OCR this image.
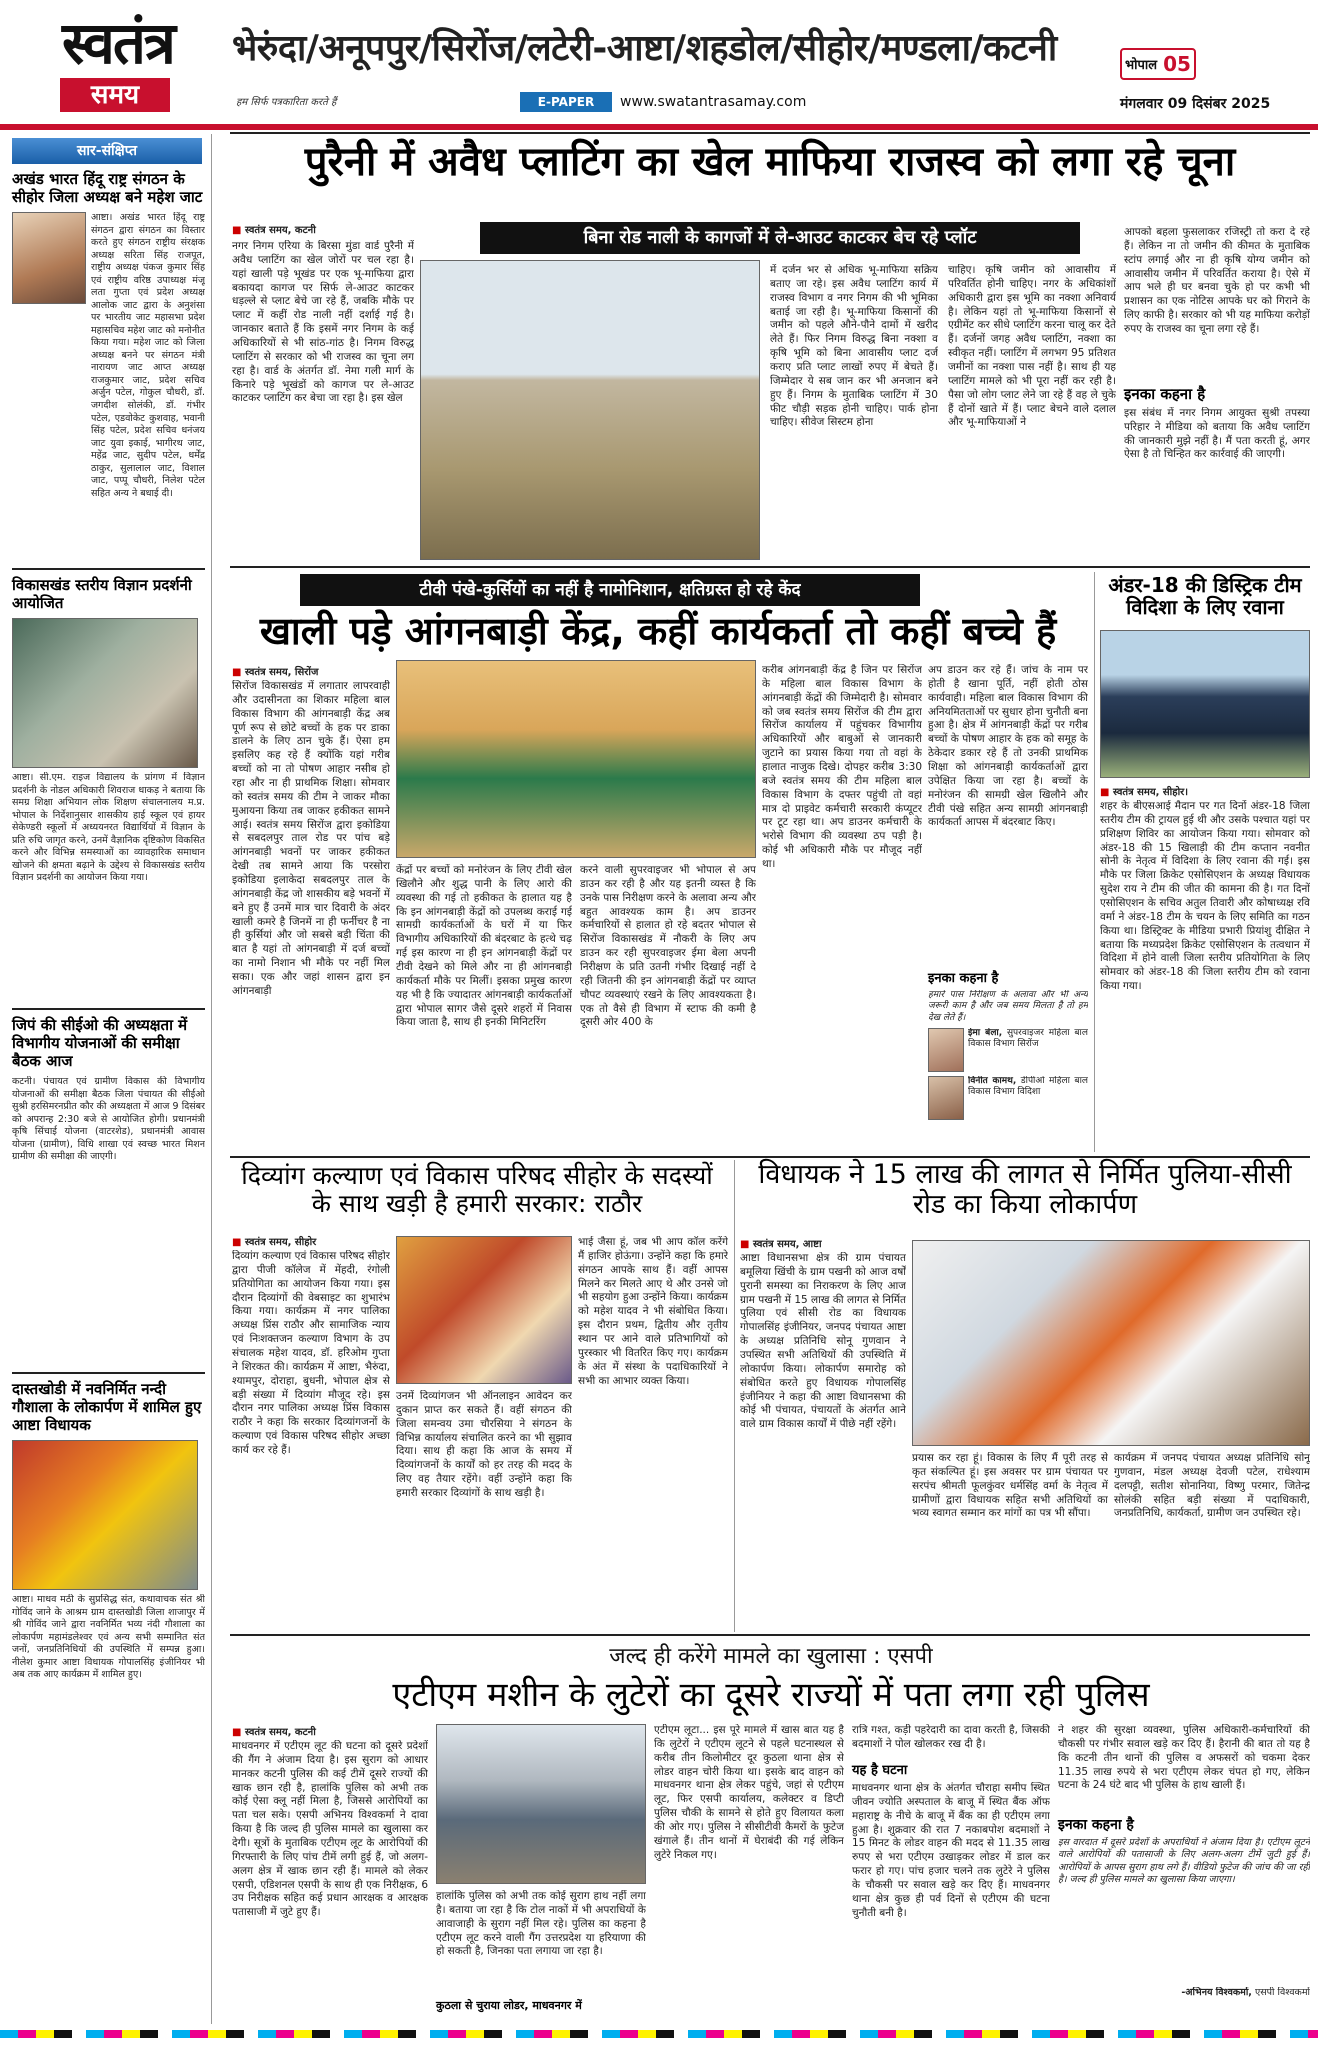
स्वतंत्र
समय	हम सिर्फ पत्रकारिता करते हैं
भेरुंदा/अनूपपुर/सिरोंज/लटेरी-आष्टा/शहडोल/सीहोर/मण्डला/कटनी	भोपाल 05
E-PAPER	www.swatantrasamay.com	मंगलवार 09 दिसंबर 2025
सार-संक्षिप्त
अखंड भारत हिंदू राष्ट्र संगठन के सीहोर जिला अध्यक्ष बने महेश जाट
आष्टा। अखंड भारत हिंदू राष्ट्र संगठन द्वारा संगठन का विस्तार करते हुए संगठन राष्ट्रीय संरक्षक अध्यक्ष सरिता सिंह राजपूत, राष्ट्रीय अध्यक्ष पंकज कुमार सिंह एवं राष्ट्रीय वरिष्ठ उपाध्यक्ष मंजू लता गुप्ता एवं प्रदेश अध्यक्ष आलोक जाट द्वारा के अनुशंसा पर भारतीय जाट महासभा प्रदेश महासचिव महेश जाट को मनोनीत किया गया। महेश जाट को जिला अध्यक्ष बनने पर संगठन मंत्री नारायण जाट आप्त अध्यक्ष राजकुमार जाट, प्रदेश सचिव अर्जुन पटेल, गोकुल चौधरी, डॉ. जगदीश सोलंकी, डॉ. गंभीर पटेल, एडवोकेट कुशवाह, भवानी सिंह पटेल, प्रदेश सचिव धनंजय जाट युवा इकाई, भागीरथ जाट, महेंद्र जाट, सुदीप पटेल, धर्मेंद्र ठाकुर, सुलालाल जाट, विशाल जाट, पप्पू चौधरी, निलेश पटेल सहित अन्य ने बधाई दी।
विकासखंड स्तरीय विज्ञान प्रदर्शनी आयोजित
आष्टा। सी.एम. राइज विद्यालय के प्रांगण में विज्ञान प्रदर्शनी के नोडल अधिकारी शिवराज धाकड़ ने बताया कि समग्र शिक्षा अभियान लोक शिक्षण संचालनालय म.प्र. भोपाल के निर्देशानुसार शासकीय हाई स्कूल एवं हायर सेकेण्डरी स्कूलों में अध्ययनरत विद्यार्थियों में विज्ञान के प्रति रुचि जागृत करने, उनमें वैज्ञानिक दृष्टिकोण विकसित करने और विभिन्न समस्याओं का व्यावहारिक समाधान खोजने की क्षमता बढ़ाने के उद्देश्य से विकासखंड स्तरीय विज्ञान प्रदर्शनी का आयोजन किया गया।
जिपं की सीईओ की अध्यक्षता में विभागीय योजनाओं की समीक्षा बैठक आज
कटनी। पंचायत एवं ग्रामीण विकास की विभागीय योजनाओं की समीक्षा बैठक जिला पंचायत की सीईओ सुश्री हरसिमरनप्रीत कौर की अध्यक्षता में आज 9 दिसंबर को अपरान्ह 2:30 बजे से आयोजित होगी। प्रधानमंत्री कृषि सिंचाई योजना (वाटरशेड), प्रधानमंत्री आवास योजना (ग्रामीण), विधि शाखा एवं स्वच्छ भारत मिशन ग्रामीण की समीक्षा की जाएगी।
दास्तखोडी में नवनिर्मित नन्दी गौशाला के लोकार्पण में शामिल हुए आष्टा विधायक
आष्टा। माधव मठी के सुप्रसिद्ध संत, कथावाचक संत श्री गोविंद जाने के आश्रम ग्राम दास्तखोडी जिला शाजापुर में श्री गोविंद जाने द्वारा नवनिर्मित भव्य नंदी गौशाला का लोकार्पण महामंडलेश्वर एवं अन्य सभी सम्मानित संत जनों, जनप्रतिनिधियों की उपस्थिति में सम्पन्न हुआ। नीलेश कुमार आष्टा विधायक गोपालसिंह इंजीनियर भी अब तक आए कार्यक्रम में शामिल हुए।
पुरैनी में अवैध प्लाटिंग का खेल माफिया राजस्व को लगा रहे चूना
■ स्वतंत्र समय, कटनी	बिना रोड नाली के कागजों में ले-आउट काटकर बेच रहे प्लॉट
नगर निगम एरिया के बिरसा मुंडा वार्ड पुरैनी में अवैध प्लाटिंग का खेल जोरों पर चल रहा है। यहां खाली पड़े भूखंड पर एक भू-माफिया द्वारा बकायदा कागज पर सिर्फ ले-आउट काटकर धड़ल्ले से प्लाट बेचे जा रहे हैं, जबकि मौके पर प्लाट में कहीं रोड नाली नहीं दर्शाई गई है। जानकार बताते हैं कि इसमें नगर निगम के कई अधिकारियों से भी सांठ-गांठ है। निगम विरुद्ध प्लाटिंग से सरकार को भी राजस्व का चूना लग रहा है। वार्ड के अंतर्गत डॉ. नेमा गली मार्ग के किनारे पड़े भूखंडों को कागज पर ले-आउट काटकर प्लाटिंग कर बेचा जा रहा है। इस खेल
में दर्जन भर से अधिक भू-माफिया सक्रिय बताए जा रहे। इस अवैध प्लाटिंग कार्य में राजस्व विभाग व नगर निगम की भी भूमिका बताई जा रही है। भू-माफिया किसानों की जमीन को पहले औने-पौने दामों में खरीद लेते हैं। फिर निगम विरुद्ध बिना नक्शा व कृषि भूमि को बिना आवासीय प्लाट दर्ज कराए प्रति प्लाट लाखों रुपए में बेचते हैं। जिम्मेदार ये सब जान कर भी अनजान बने हुए हैं। निगम के मुताबिक प्लाटिंग में 30 फीट चौड़ी सड़क होनी चाहिए। पार्क होना चाहिए। सीवेज सिस्टम होना
चाहिए। कृषि जमीन को आवासीय में परिवर्तित होनी चाहिए। नगर के अधिकांशों अधिकारी द्वारा इस भूमि का नक्शा अनिवार्य है। लेकिन यहां तो भू-माफिया किसानों से एग्रीमेंट कर सीधे प्लाटिंग करना चालू कर देते हैं। दर्जनों जगह अवैध प्लाटिंग, नक्शा का स्वीकृत नहीं। प्लाटिंग में लगभग 95 प्रतिशत जमीनों का नक्शा पास नहीं है। साथ ही यह प्लाटिंग मामले को भी पूरा नहीं कर रही है। पैसा जो लोग प्लाट लेने जा रहे हैं वह ले चुके हैं दोनों खाते में हैं। प्लाट बेचने वाले दलाल और भू-माफियाओं ने
आपको बहला फुसलाकर रजिस्ट्री तो करा दे रहे हैं। लेकिन ना तो जमीन की कीमत के मुताबिक स्टांप लगाई और ना ही कृषि योग्य जमीन को आवासीय जमीन में परिवर्तित कराया है। ऐसे में आप भले ही घर बनवा चुके हो पर कभी भी प्रशासन का एक नोटिस आपके घर को गिराने के लिए काफी है। सरकार को भी यह माफिया करोड़ों रुपए के राजस्व का चूना लगा रहे हैं।
इनका कहना है
इस संबंध में नगर निगम आयुक्त सुश्री तपस्या परिहार ने मीडिया को बताया कि अवैध प्लाटिंग की जानकारी मुझे नहीं है। मैं पता करती हूं, अगर ऐसा है तो चिन्हित कर कार्रवाई की जाएगी।
टीवी पंखे-कुर्सियों का नहीं है नामोनिशान, क्षतिग्रस्त हो रहे केंद
खाली पड़े आंगनबाड़ी केंद्र, कहीं कार्यकर्ता तो कहीं बच्चे हैं
■ स्वतंत्र समय, सिरोंज
सिरोंज विकासखंड में लगातार लापरवाही और उदासीनता का शिकार महिला बाल विकास विभाग की आंगनबाड़ी केंद्र अब पूर्ण रूप से छोटे बच्चों के हक पर डाका डालने के लिए ठान चुके हैं। ऐसा हम इसलिए कह रहे हैं क्योंकि यहां गरीब बच्चों को ना तो पोषण आहार नसीब हो रहा और ना ही प्राथमिक शिक्षा। सोमवार को स्वतंत्र समय की टीम ने जाकर मौका मुआयना किया तब जाकर हकीकत सामने आई। स्वतंत्र समय सिरोंज द्वारा इकोडिया से सबदलपुर ताल रोड पर पांच बड़े आंगनबाड़ी भवनों पर जाकर हकीकत देखी तब सामने आया कि परसोरा इकोडिया इलाकेदा सबदलपुर ताल के आंगनबाड़ी केंद्र जो शासकीय बड़े भवनों में बने हुए हैं उनमें मात्र चार दिवारी के अंदर खाली कमरे है जिनमें ना ही फर्नीचर है ना ही कुर्सियां और जो सबसे बड़ी चिंता की बात है यहां तो आंगनबाड़ी में दर्ज बच्चों का नामो निशान भी मौके पर नहीं मिल सका। एक और जहां शासन द्वारा इन आंगनबाड़ी
केंद्रों पर बच्चों को मनोरंजन के लिए टीवी खेल खिलौने और शुद्ध पानी के लिए आरो की व्यवस्था की गई तो हकीकत के हालात यह है कि इन आंगनबाड़ी केंद्रों को उपलब्ध कराई गई सामग्री कार्यकर्ताओं के घरों में या फिर विभागीय अधिकारियों की बंदरबाट के हत्थे चढ़ गई इस कारण ना ही इन आंगनबाड़ी केंद्रों पर टीवी देखने को मिले और ना ही आंगनबाड़ी कार्यकर्ता मौके पर मिलीं। इसका प्रमुख कारण यह भी है कि ज्यादातर आंगनबाड़ी कार्यकर्ताओं द्वारा भोपाल सागर जैसे दूसरे शहरों में निवास किया जाता है, साथ ही इनकी मिनिटरिंग
करने वाली सुपरवाइजर भी भोपाल से अप डाउन कर रही है और यह इतनी व्यस्त है कि उनके पास निरीक्षण करने के अलावा अन्य और बहुत आवश्यक काम है। अप डाउनर कर्मचारियों से हालात हो रहे बदतर भोपाल से सिरोंज विकासखंड में नौकरी के लिए अप डाउन कर रही सुपरवाइजर ईमा बेला अपनी निरीक्षण के प्रति उतनी गंभीर दिखाई नहीं दे रही जितनी की इन आंगनबाड़ी केंद्रों पर व्याप्त चौपट व्यवस्थाएं रखने के लिए आवश्यकता है। एक तो वैसे ही विभाग में स्टाफ की कमी है दूसरी ओर 400 के
करीब आंगनबाड़ी केंद्र है जिन पर सिरोंज के महिला बाल विकास विभाग के आंगनबाड़ी केंद्रों की जिम्मेदारी है। सोमवार को जब स्वतंत्र समय सिरोंज की टीम द्वारा सिरोंज कार्यालय में पहुंचकर विभागीय अधिकारियों और बाबुओं से जानकारी जुटाने का प्रयास किया गया तो वहां के हालात नाजुक दिखे। दोपहर करीब 3:30 बजे स्वतंत्र समय की टीम महिला बाल विकास विभाग के दफ्तर पहुंची तो वहां मात्र दो प्राइवेट कर्मचारी सरकारी कंप्यूटर पर टूट रहा था। अप डाउनर कर्मचारी के भरोसे विभाग की व्यवस्था ठप पड़ी है। कोई भी अधिकारी मौके पर मौजूद नहीं था।
अप डाउन कर रहे हैं। जांच के नाम पर होती है खाना पूर्ति, नहीं होती ठोस कार्यवाही। महिला बाल विकास विभाग की अनियमितताओं पर सुधार होना चुनौती बना हुआ है। क्षेत्र में आंगनबाड़ी केंद्रों पर गरीब बच्चों के पोषण आहार के हक को समूह के ठेकेदार डकार रहे हैं तो उनकी प्राथमिक शिक्षा को आंगनबाड़ी कार्यकर्ताओं द्वारा उपेक्षित किया जा रहा है। बच्चों के मनोरंजन की सामग्री खेल खिलौने और टीवी पंखे सहित अन्य सामग्री आंगनबाड़ी कार्यकर्ता आपस में बंदरबाट कि‍ए।
इनका कहना है
हमारे पास निरीक्षण के अलावा और भी अन्य जरूरी काम है और जब समय मिलता है तो हम देख लेते हैं।
ईमा बेला, सुपरवाइजर महिला बाल विकास विभाग सिरोंज
विनीत कामथ, डीपीओ महिला बाल विकास विभाग विदिशा
अंडर-18 की डिस्ट्रिक टीम विदिशा के लिए रवाना
■ स्वतंत्र समय, सीहोर।
शहर के बीएसआई मैदान पर गत दिनों अंडर-18 जिला स्तरीय टीम की ट्रायल हुई थी और उसके पश्चात यहां पर प्रशिक्षण शिविर का आयोजन किया गया। सोमवार को अंडर-18 की 15 खिलाड़ी की टीम कप्तान नवनीत सोनी के नेतृत्व में विदिशा के लिए रवाना की गई। इस मौके पर जिला क्रिकेट एसोसिएशन के अध्यक्ष विधायक सुदेश राय ने टीम की जीत की कामना की है। गत दिनों एसोसिएशन के सचिव अतुल तिवारी और कोषाध्यक्ष रवि वर्मा ने अंडर-18 टीम के चयन के लिए समिति का गठन किया था। डिस्ट्रिक्ट के मीडिया प्रभारी प्रियांशु दीक्षित ने बताया कि मध्यप्रदेश क्रिकेट एसोसिएशन के तत्वधान में विदिशा में होने वाली जिला स्तरीय प्रतियोगिता के लिए सोमवार को अंडर-18 की जिला स्तरीय टीम को रवाना किया गया।
दिव्यांग कल्याण एवं विकास परिषद सीहोर के सदस्यों के साथ खड़ी है हमारी सरकार: राठौर
■ स्वतंत्र समय, सीहोर
दिव्यांग कल्याण एवं विकास परिषद सीहोर द्वारा पीजी कॉलेज में मेंहदी, रंगोली प्रतियोगिता का आयोजन किया गया। इस दौरान दिव्यांगों की वेबसाइट का शुभारंभ किया गया। कार्यक्रम में नगर पालिका अध्यक्ष प्रिंस राठौर और सामाजिक न्याय एवं निःशक्तजन कल्याण विभाग के उप संचालक महेश यादव, डॉ. हरिओम गुप्ता ने शिरकत की। कार्यक्रम में आष्टा, भैरुंदा, श्यामपुर, दोराहा, बुधनी, भोपाल क्षेत्र से बड़ी संख्या में दिव्यांग मौजूद रहे। इस दौरान नगर पालिका अध्यक्ष प्रिंस विकास राठौर ने कहा कि सरकार दिव्यांगजनों के कल्याण एवं विकास परिषद सीहोर अच्छा कार्य कर रहे हैं।
उनमें दिव्यांगजन भी ऑनलाइन आवेदन कर दुकान प्राप्त कर सकते हैं। वहीं संगठन की जिला समन्वय उमा चौरसिया ने संगठन के विभिन्न कार्यालय संचालित करने का भी सुझाव दिया। साथ ही कहा कि आज के समय में दिव्यांगजनों के कार्यों को हर तरह की मदद के लिए वह तैयार रहेंगे। वहीं उन्होंने कहा कि हमारी सरकार दिव्यांगों के साथ खड़ी है।
भाई जैसा हूं, जब भी आप कॉल करेंगे मैं हाजिर होऊंगा। उन्होंने कहा कि हमारे संगठन आपके साथ हैं। वहीं आपस मिलने कर मिलते आए थे और उनसे जो भी सहयोग हुआ उन्होंने किया। कार्यक्रम को महेश यादव ने भी संबोधित किया। इस दौरान प्रथम, द्वितीय और तृतीय स्थान पर आने वाले प्रतिभागियों को पुरस्कार भी वितरित किए गए। कार्यक्रम के अंत में संस्था के पदाधिकारियों ने सभी का आभार व्यक्त किया।
विधायक ने 15 लाख की लागत से निर्मित पुलिया-सीसी रोड का किया लोकार्पण
■ स्वतंत्र समय, आष्टा
आष्टा विधानसभा क्षेत्र की ग्राम पंचायत बमूलिया खिंची के ग्राम पखनी को आज वर्षों पुरानी समस्या का निराकरण के लिए आज ग्राम पखनी में 15 लाख की लागत से निर्मित पुलिया एवं सीसी रोड का विधायक गोपालसिंह इंजीनियर, जनपद पंचायत आष्टा के अध्यक्ष प्रतिनिधि सोनू गुणवान ने उपस्थित सभी अतिथियों की उपस्थिति में लोकार्पण किया। लोकार्पण समारोह को संबोधित करते हुए विधायक गोपालसिंह इंजीनियर ने कहा की आष्टा विधानसभा की कोई भी पंचायत, पंचायतों के अंतर्गत आने वाले ग्राम विकास कार्यों में पीछे नहीं रहेंगे।
प्रयास कर रहा हूं। विकास के लिए मैं पूरी तरह से कृत संकल्पित हूं। इस अवसर पर ग्राम पंचायत पर सरपंच श्रीमती फूलकुंवर धर्मसिंह वर्मा के नेतृत्व में ग्रामीणों द्वारा विधायक सहित सभी अतिथियों का भव्य स्वागत सम्मान कर मांगों का पत्र भी सौंपा।
कार्यक्रम में जनपद पंचायत अध्यक्ष प्रतिनिधि सोनू गुणवान, मंडल अध्यक्ष देवजी पटेल, राधेश्याम दलपट्टी, सतीश सोनानिया, विष्णु परमार, जितेन्द्र सोलंकी सहित बड़ी संख्या में पदाधिकारी, जनप्रतिनिधि, कार्यकर्ता, ग्रामीण जन उपस्थित रहे।
जल्द ही करेंगे मामले का खुलासा : एसपी
एटीएम मशीन के लुटेरों का दूसरे राज्यों में पता लगा रही पुलिस
■ स्वतंत्र समय, कटनी
माधवनगर में एटीएम लूट की घटना को दूसरे प्रदेशों की गैंग ने अंजाम दिया है। इस सुराग को आधार मानकर कटनी पुलिस की कई टीमें दूसरे राज्यों की खाक छान रही है, हालांकि पुलिस को अभी तक कोई ऐसा क्लू नहीं मिला है, जिससे आरोपियों का पता चल सके। एसपी अभिनय विश्वकर्मा ने दावा किया है कि जल्द ही पुलिस मामले का खुलासा कर देगी। सूत्रों के मुताबिक एटीएम लूट के आरोपियों की गिरफ्तारी के लिए पांच टीमें लगी हुई हैं, जो अलग-अलग क्षेत्र में खाक छान रही हैं। मामले को लेकर एसपी, एडिशनल एसपी के साथ ही एक निरीक्षक, 6 उप निरीक्षक सहित कई प्रधान आरक्षक व आरक्षक पतासाजी में जुटे हुए हैं।
हालांकि पुलिस को अभी तक कोई सुराग हाथ नहीं लगा है। बताया जा रहा है कि टोल नाकों में भी अपराधियों के आवाजाही के सुराग नहीं मिल रहे। पुलिस का कहना है एटीएम लूट करने वाली गैंग उत्तरप्रदेश या हरियाणा की हो सकती है, जिनका पता लगाया जा रहा है।
कुठला से चुराया लोडर, माधवनगर में
एटीएम लूटा... इस पूरे मामले में खास बात यह है कि लुटेरों ने एटीएम लूटने से पहले घटनास्थल से करीब तीन किलोमीटर दूर कुठला थाना क्षेत्र से लोडर वाहन चोरी किया था। इसके बाद वाहन को माधवनगर थाना क्षेत्र लेकर पहुंचे, जहां से एटीएम लूट, फिर एसपी कार्यालय, कलेक्टर व डिप्टी पुलिस चौकी के सामने से होते हुए विलायत कला की ओर गए। पुलिस ने सीसीटीवी कैमरों के फुटेज खंगाले हैं। तीन थानों में घेराबंदी की गई लेकिन लुटेरे निकल गए।
रात्रि गश्त, कड़ी पहरेदारी का दावा करती है, जिसकी बदमाशों ने पोल खोलकर रख दी है।
यह है घटना
माधवनगर थाना क्षेत्र के अंतर्गत चौराहा समीप स्थित जीवन ज्योति अस्पताल के बाजू में स्थित बैंक ऑफ महाराष्ट्र के नीचे के बाजू में बैंक का ही एटीएम लगा हुआ है। शुक्रवार की रात 7 नकाबपोश बदमाशों ने 15 मिनट के लोडर वाहन की मदद से 11.35 लाख रुपए से भरा एटीएम उखाड़कर लोडर में डाल कर फरार हो गए। पांच हजार चलने तक लुटेरे ने पुलिस के चौकसी पर सवाल खड़े कर दिए हैं। माधवनगर थाना क्षेत्र कुछ ही पर्व दिनों से एटीएम की घटना चुनौती बनी है।
ने शहर की सुरक्षा व्यवस्था, पुलिस अधिकारी-कर्मचारियों की चौकसी पर गंभीर सवाल खड़े कर दिए हैं। हैरानी की बात तो यह है कि कटनी तीन थानों की पुलिस व अफसरों को चकमा देकर 11.35 लाख रुपये से भरा एटीएम लेकर चंपत हो गए, लेकिन घटना के 24 घंटे बाद भी पुलिस के हाथ खाली हैं।
इनका कहना है
इस वारदात में दूसरे प्रदेशों के अपराधियों ने अंजाम दिया है। एटीएम लूटने वाले आरोपियों की पतासाजी के लिए अलग-अलग टीमें जुटी हुई हैं। आरोपियों के आपस सुराग हाथ लगे हैं। वीडियो फुटेज की जांच की जा रही है। जल्द ही पुलिस मामले का खुलासा किया जाएगा।
-अभिनय विश्वकर्मा, एसपी विश्वकर्मा
